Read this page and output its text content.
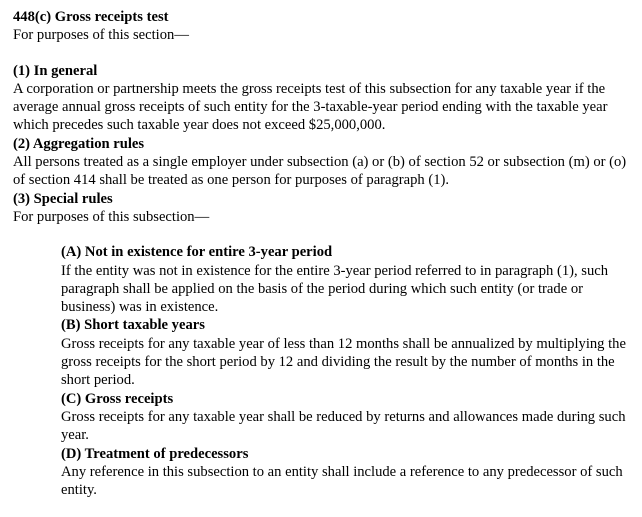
448(c) Gross receipts test
For purposes of this section—
(1) In general
A corporation or partnership meets the gross receipts test of this subsection for any taxable year if the average annual gross receipts of such entity for the 3-taxable-year period ending with the taxable year which precedes such taxable year does not exceed $25,000,000.
(2) Aggregation rules
All persons treated as a single employer under subsection (a) or (b) of section 52 or subsection (m) or (o) of section 414 shall be treated as one person for purposes of paragraph (1).
(3) Special rules
For purposes of this subsection—
(A) Not in existence for entire 3-year period
If the entity was not in existence for the entire 3-year period referred to in paragraph (1), such paragraph shall be applied on the basis of the period during which such entity (or trade or business) was in existence.
(B) Short taxable years
Gross receipts for any taxable year of less than 12 months shall be annualized by multiplying the gross receipts for the short period by 12 and dividing the result by the number of months in the short period.
(C) Gross receipts
Gross receipts for any taxable year shall be reduced by returns and allowances made during such year.
(D) Treatment of predecessors
Any reference in this subsection to an entity shall include a reference to any predecessor of such entity.
